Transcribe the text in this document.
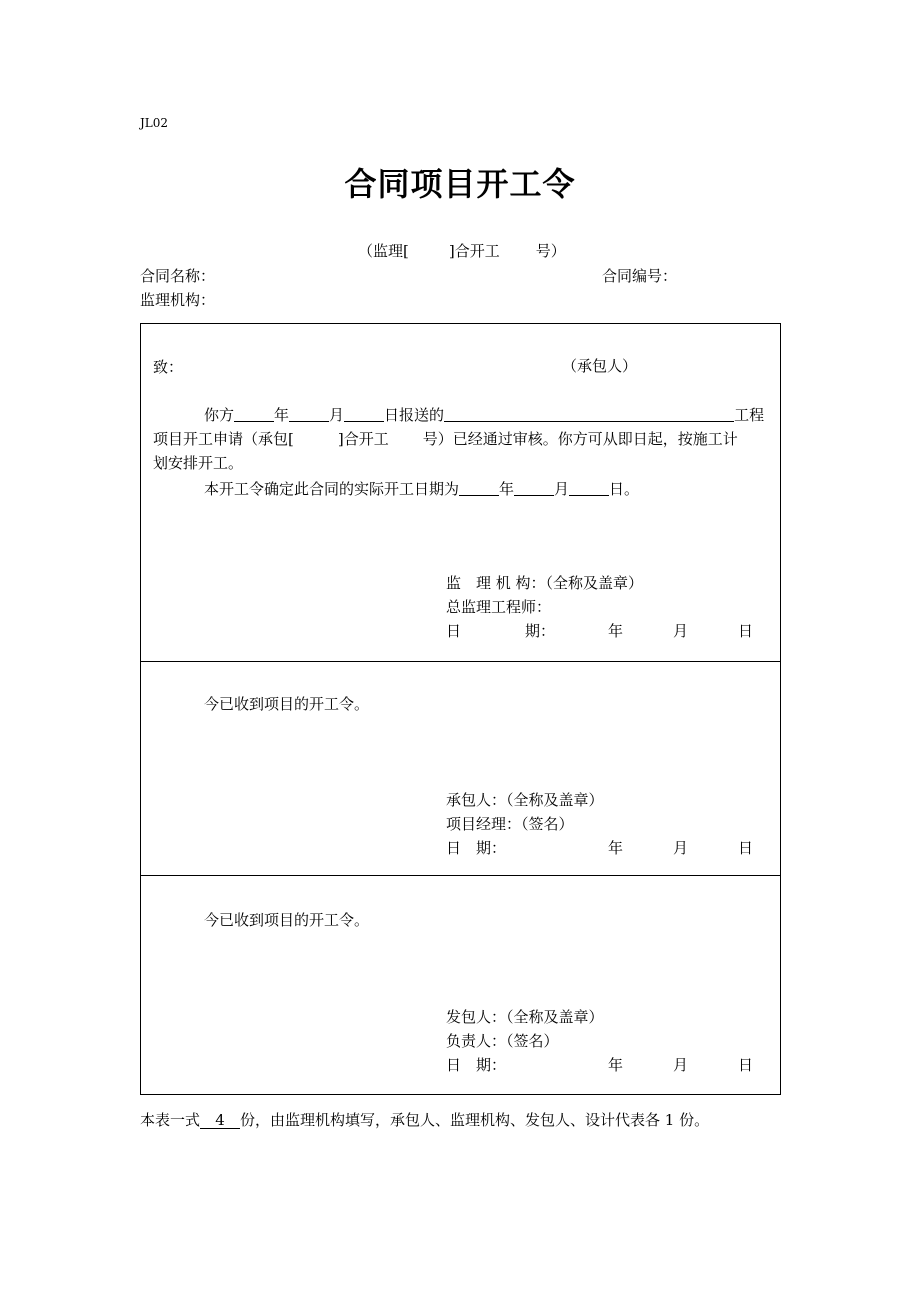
JL02
合同项目开工令
（监理[	]合开工 号）
合同名称：	合同编号：
监理机构：
致：	（承包人）
你方	年	月	日报送的	工程
项目开工申请（承包[	]合开工 号）已经通过审核。你方可从即日起，按施工计
划安排开工。
本开工令确定此合同的实际开工日期为	年	月	日。
监　理 机 构：（全称及盖章）
总监理工程师：
日	期：	年	月	日
今已收到项目的开工令。
承包人：（全称及盖章）
项目经理：（签名）
日　期：	年	月	日
今已收到项目的开工令。
发包人：（全称及盖章）
负责人：（签名）
日　期：	年	月	日
本表一式 4 份，由监理机构填写，承包人、监理机构、发包人、设计代表各 1 份。
